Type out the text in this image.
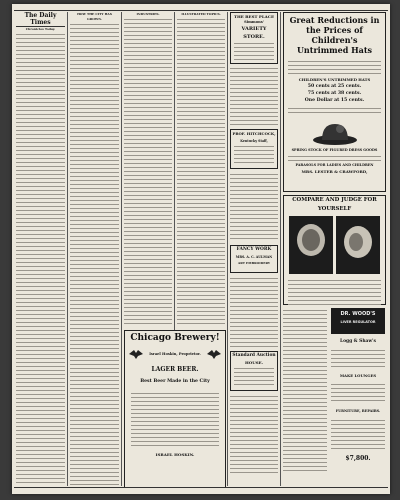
The Daily Times
Chronicles Today.
HOW THE CITY HAS GROWN.
INDUSTRIES.	ILLUSTRATED TOPICS.
Chicago Brewery!
Israel Hoskin, Proprietor.
LAGER BEER.
Best Beer Made in the City
ISRAEL HOSKIN.
THE BEST PLACE
Simmons'
VARIETY STORE.
PROF. HITCHCOCK,
Kentucky Staff,
FANCY WORK
MRS. A. C. AULMAN
ART EMBROIDERY
Standard Auction
HOUSE.
Great Reductions in the Prices of Children's Untrimmed Hats
CHILDREN'S UNTRIMMED HATS
50 cents at 25 cents.
75 cents at 38 cents.
One Dollar at 15 cents.
SPRING STOCK OF FIGURED DRESS GOODS
PARASOLS FOR LADIES AND CHILDREN
MRS. LESTER & CRAWFORD,
COMPARE AND JUDGE FOR YOURSELF
DR. WOOD'S
LIVER REGULATOR
Logg & Shaw's
MAKE LOUNGES
FURNITURE, REPAIRS.
$7,800.
